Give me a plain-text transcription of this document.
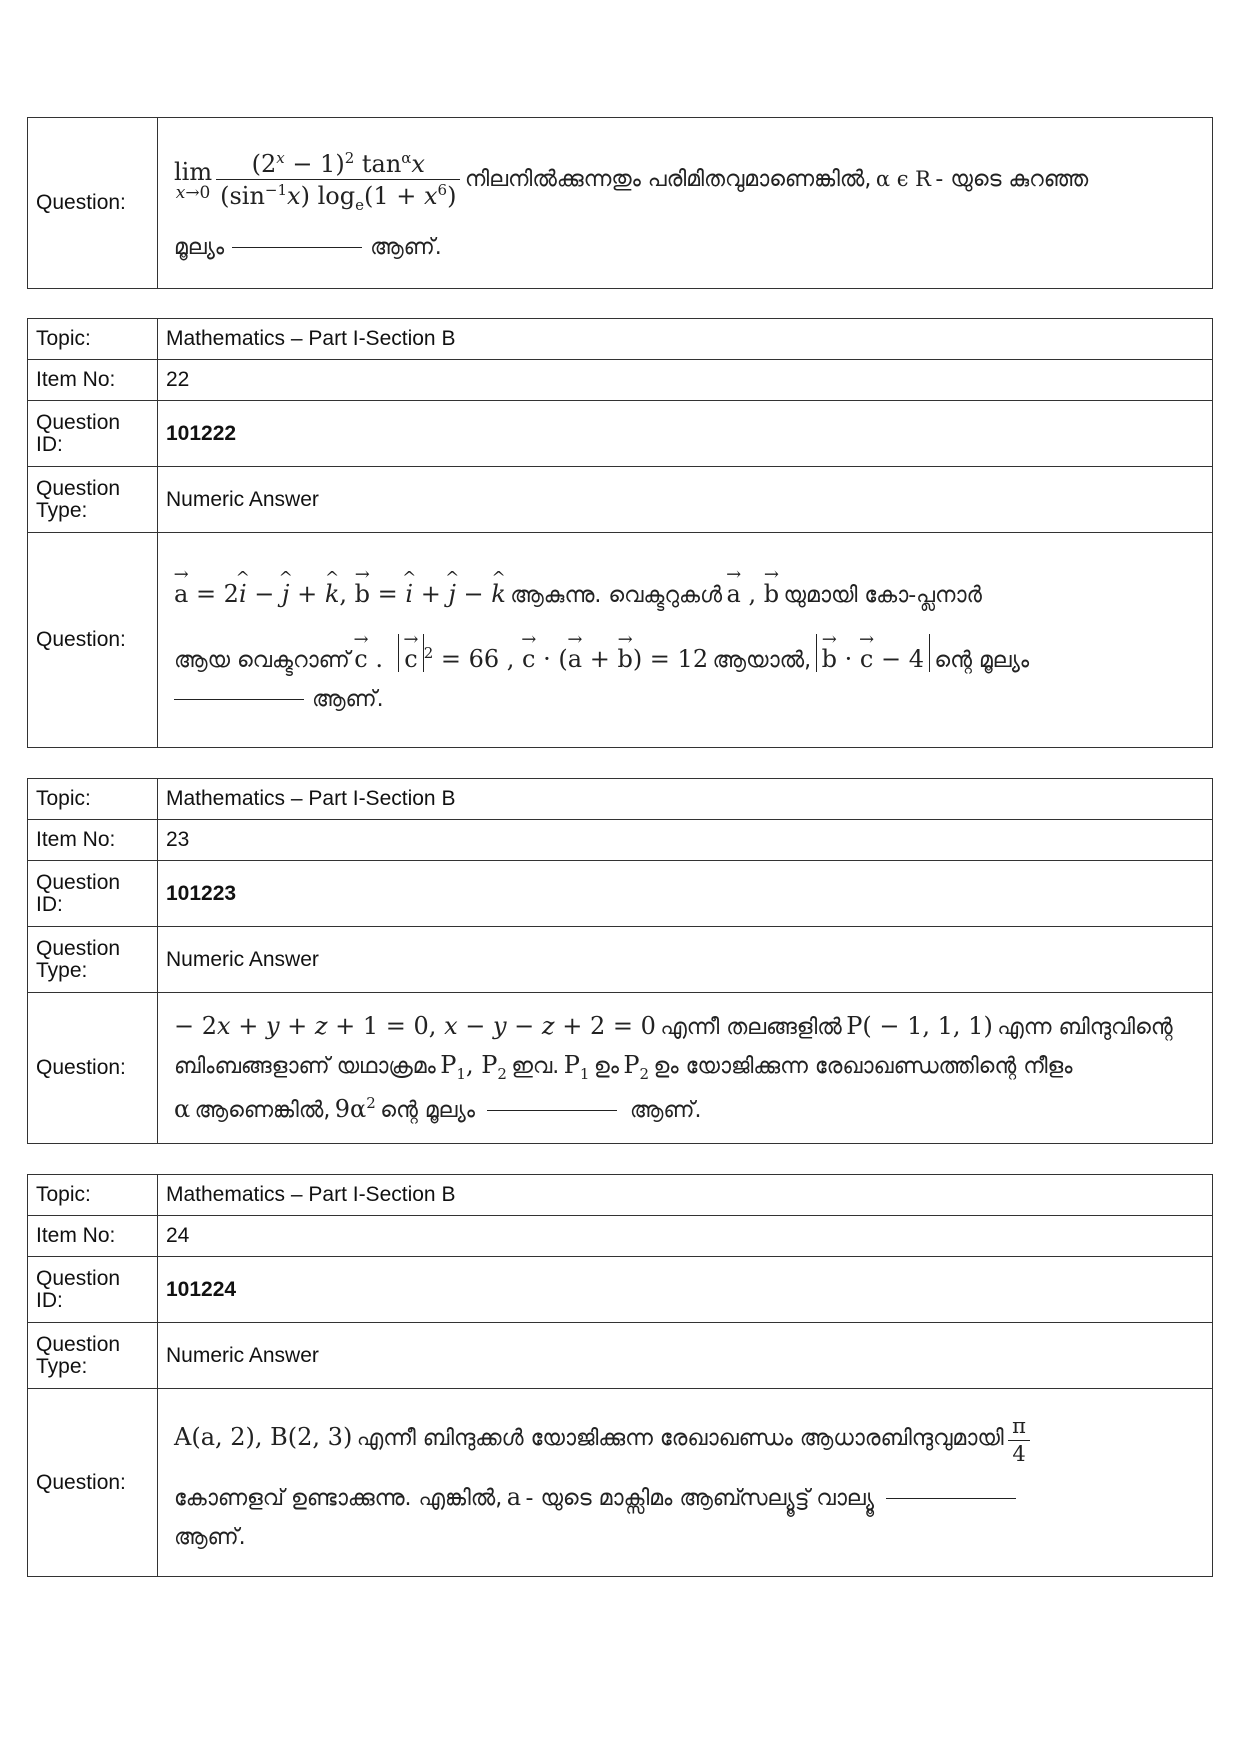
Question:	
lim
$x\to 0 \frac{(2^x - 1)^2 \tan^\alpha x}{(\sin^{-1}x) \log_e(1 + x^6)}$ നിലനിൽക്കുന്നതും പരിമിതവുമാണെങ്കിൽ, α ϵ R - യുടെ കുറഞ്ഞ
മൂല്യം	ആണ്.
Topic:	Mathematics – Part I-Section B
Item No:	22
Question ID:	101222
Question Type:	Numeric Answer
Question:	→ a = 2^ i − ^ j + ^ k, → b = ^ i + ^ j − ^ k ആകുന്നു. വെക്ടറുകൾ → a , → b യുമായി കോ-പ്ലനാർ
ആയ വെക്ടറാണ് → c .  → c $^2$ = 66 , → c · (→ a + → b) = 12 ആയാൽ, → b · → c − 4 ന്റെ മൂല്യം
ആണ്.
Topic:	Mathematics – Part I-Section B
Item No:	23
Question ID:	101223
Question Type:	Numeric Answer
Question:	− 2x + y + z + 1 = 0, x − y − z + 2 = 0 എന്നീ തലങ്ങളിൽ P( − 1, 1, 1) എന്ന ബിന്ദുവിന്റെ
ബിംബങ്ങളാണ് യഥാക്രമം $P_1$, $P_2$ ഇവ. $P_1$ ഉം $P_2$ ഉം യോജിക്കുന്ന രേഖാഖണ്ഡത്തിന്റെ നീളം
α ആണെങ്കിൽ, $9\alpha^2$ ന്റെ മൂല്യം ആണ്.
Topic:	Mathematics – Part I-Section B
Item No:	24
Question ID:	101224
Question Type:	Numeric Answer
Question:	A(a, 2), B(2, 3) എന്നീ ബിന്ദുക്കൾ യോജിക്കുന്ന രേഖാഖണ്ഡം ആധാരബിന്ദുവുമായി $\frac{\pi}{4}$
കോണളവ് ഉണ്ടാക്കുന്നു. എങ്കിൽ, a - യുടെ മാക്സിമം ആബ്സല്യൂട്ട് വാല്യൂ
ആണ്.
